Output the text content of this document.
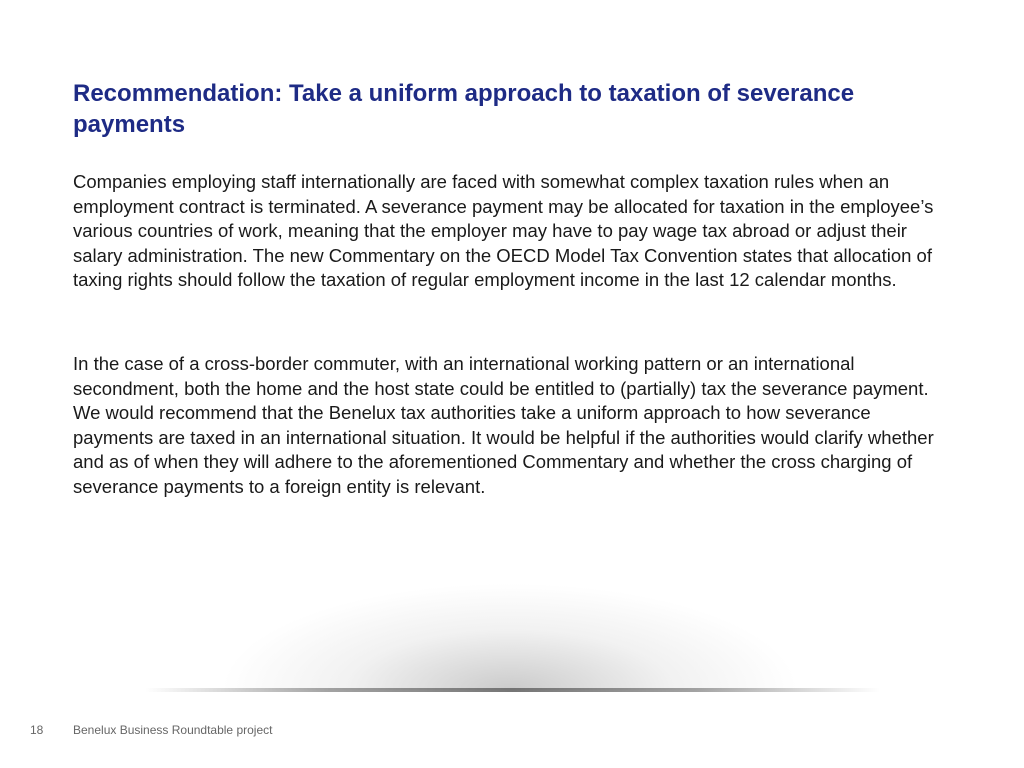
Recommendation: Take a uniform approach to taxation of severance payments

Companies employing staff internationally are faced with somewhat complex taxation rules when an employment contract is terminated. A severance payment may be allocated for taxation in the employee’s various countries of work, meaning that the employer may have to pay wage tax abroad or adjust their salary administration. The new Commentary on the OECD Model Tax Convention states that allocation of taxing rights should follow the taxation of regular employment income in the last 12 calendar months.

In the case of a cross-border commuter, with an international working pattern or an international secondment, both the home and the host state could be entitled to (partially) tax the severance payment. We would recommend that the Benelux tax authorities take a uniform approach to how severance payments are taxed in an international situation. It would be helpful if the authorities would clarify whether and as of when they will adhere to the aforementioned Commentary and whether the cross charging of severance payments to a foreign entity is relevant.

18 Benelux Business Roundtable project
